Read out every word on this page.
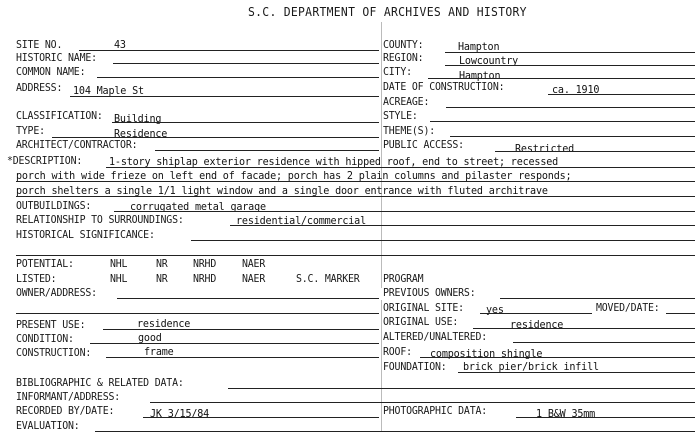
S.C. DEPARTMENT OF ARCHIVES AND HISTORY
SITE NO.	43
HISTORIC NAME:
COMMON NAME:
ADDRESS: 104 Maple St
CLASSIFICATION: Building
TYPE:	Residence
ARCHITECT/CONTRACTOR:
COUNTY:	Hampton
REGION:	Lowcountry
CITY:	Hampton
DATE OF CONSTRUCTION:	ca. 1910
ACREAGE:
STYLE:
THEME(S):
PUBLIC ACCESS:	Restricted
*DESCRIPTION: 1-story shiplap exterior residence with hipped roof, end to street; recessed
porch with wide frieze on left end of facade; porch has 2 plain columns and pilaster responds;
porch shelters a single 1/1 light window and a single door entrance with fluted architrave
OUTBUILDINGS:	corrugated metal garage
RELATIONSHIP TO SURROUNDINGS:	residential/commercial
HISTORICAL SIGNIFICANCE:
POTENTIAL:	NHL	NR NRHD NAER
LISTED:	NHL	NR NRHD NAER	S.C. MARKER PROGRAM
OWNER/ADDRESS:
PRESENT USE:	residence
CONDITION:	good
CONSTRUCTION:	frame
PREVIOUS OWNERS:
ORIGINAL SITE: yes	MOVED/DATE:
ORIGINAL USE:	residence
ALTERED/UNALTERED:
ROOF: composition shingle
FOUNDATION: brick pier/brick infill
BIBLIOGRAPHIC & RELATED DATA:
INFORMANT/ADDRESS:
RECORDED BY/DATE:	JK 3/15/84	PHOTOGRAPHIC DATA:	1 B&W 35mm
EVALUATION:
